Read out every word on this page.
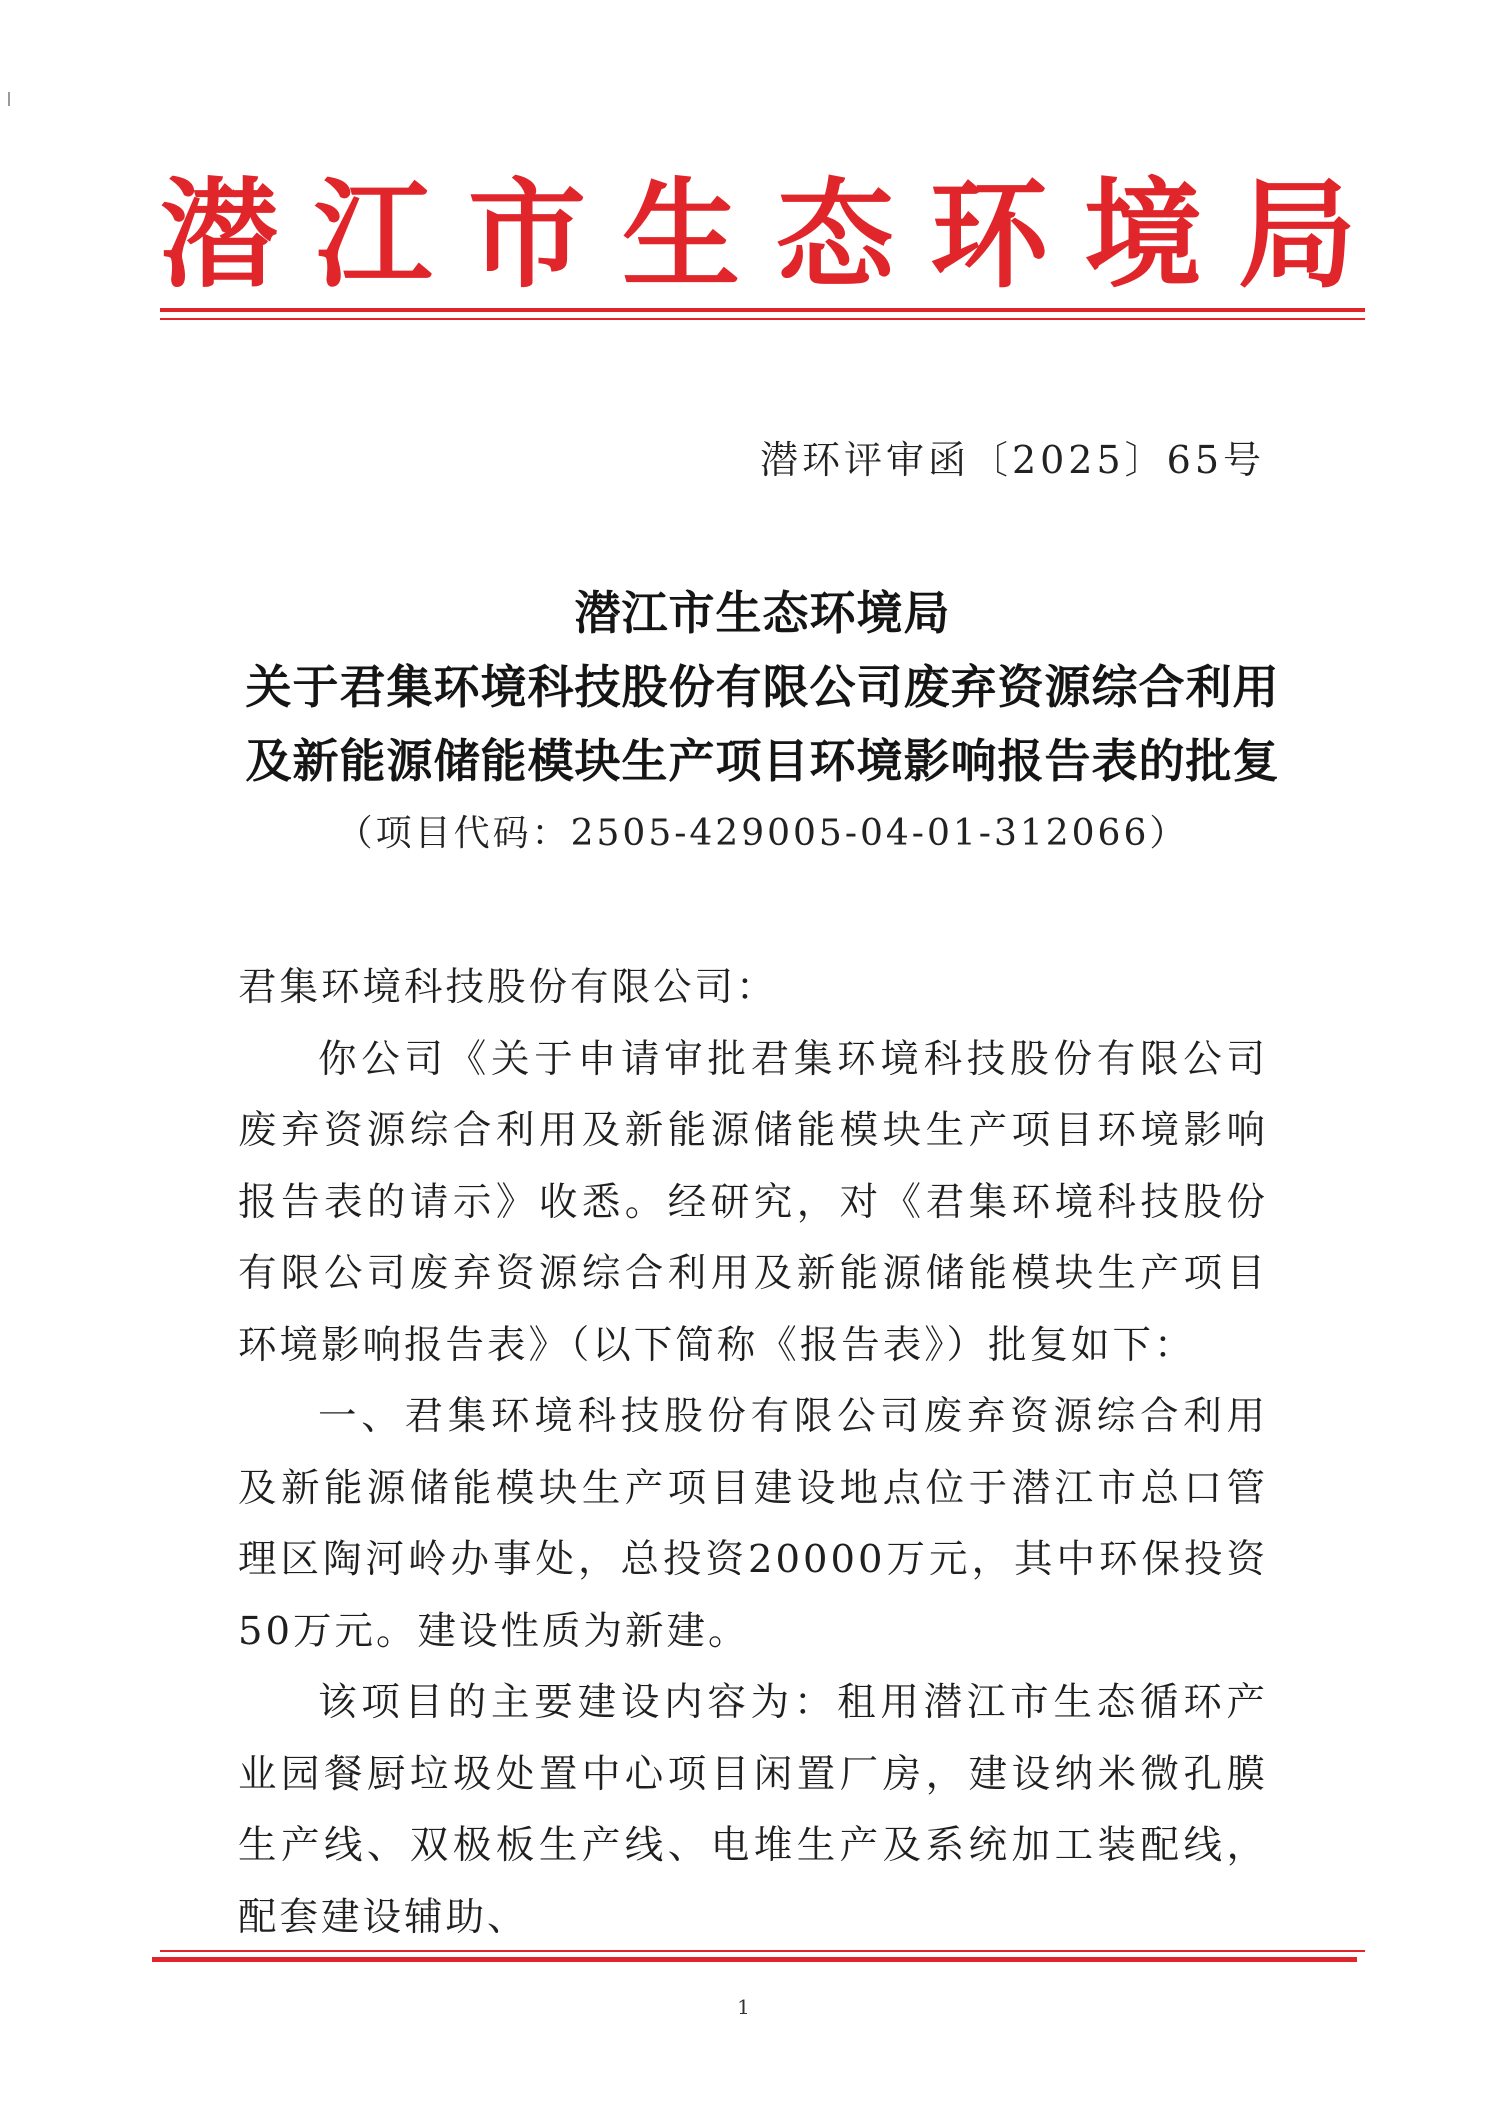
潜江市生态环境局
潜环评审函〔2025〕65号
潜江市生态环境局
关于君集环境科技股份有限公司废弃资源综合利用
及新能源储能模块生产项目环境影响报告表的批复
（项目代码：2505-429005-04-01-312066）

君集环境科技股份有限公司：

你公司《关于申请审批君集环境科技股份有限公司废弃资源综合利用及新能源储能模块生产项目环境影响报告表的请示》收悉。经研究，对《君集环境科技股份有限公司废弃资源综合利用及新能源储能模块生产项目环境影响报告表》（以下简称《报告表》）批复如下：

一、君集环境科技股份有限公司废弃资源综合利用及新能源储能模块生产项目建设地点位于潜江市总口管理区陶河岭办事处，总投资20000万元，其中环保投资50万元。建设性质为新建。

该项目的主要建设内容为：租用潜江市生态循环产业园餐厨垃圾处置中心项目闲置厂房，建设纳米微孔膜生产线、双极板生产线、电堆生产及系统加工装配线，配套建设辅助、

1
